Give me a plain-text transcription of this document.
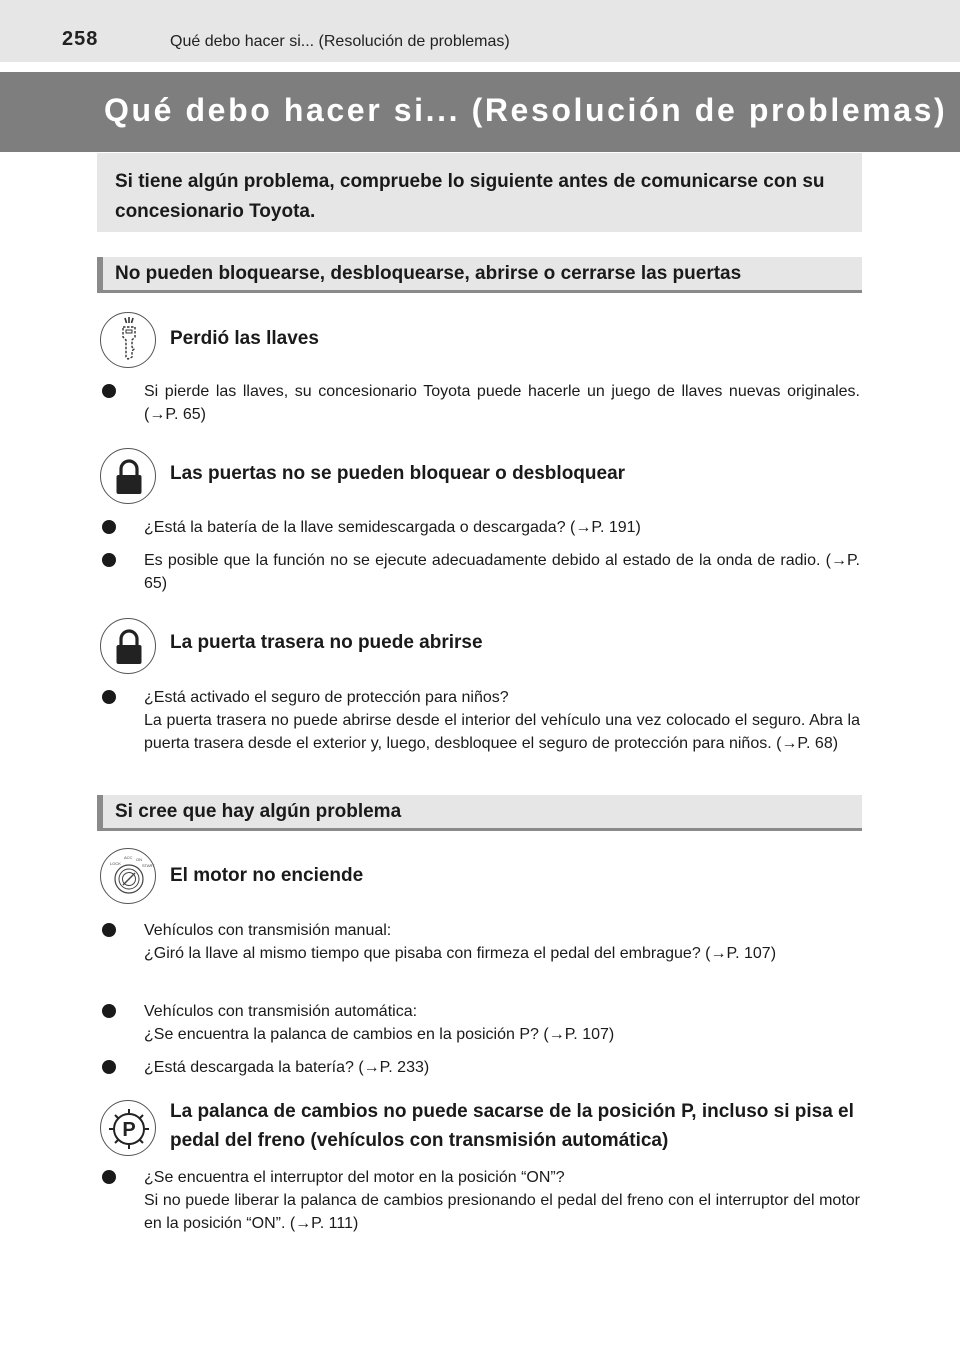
258	Qué debo hacer si... (Resolución de problemas)
Qué debo hacer si... (Resolución de problemas)
Si tiene algún problema, compruebe lo siguiente antes de comunicarse con su concesionario Toyota.
No pueden bloquearse, desbloquearse, abrirse o cerrarse las puertas
Perdió las llaves
Si pierde las llaves, su concesionario Toyota puede hacerle un juego de llaves nuevas originales. (→P. 65)
Las puertas no se pueden bloquear o desbloquear
¿Está la batería de la llave semidescargada o descargada? (→P. 191)
Es posible que la función no se ejecute adecuadamente debido al estado de la onda de radio. (→P. 65)
La puerta trasera no puede abrirse
¿Está activado el seguro de protección para niños?
La puerta trasera no puede abrirse desde el interior del vehículo una vez colocado el seguro. Abra la puerta trasera desde el exterior y, luego, desbloquee el seguro de protección para niños. (→P. 68)
Si cree que hay algún problema
LOCK
ACC ON
START El motor no enciende
Vehículos con transmisión manual:
¿Giró la llave al mismo tiempo que pisaba con firmeza el pedal del embrague? (→P. 107)
Vehículos con transmisión automática:
¿Se encuentra la palanca de cambios en la posición P? (→P. 107)
¿Está descargada la batería? (→P. 233)
P
La palanca de cambios no puede sacarse de la posición P, incluso si pisa el pedal del freno (vehículos con transmisión automática)
¿Se encuentra el interruptor del motor en la posición “ON”?
Si no puede liberar la palanca de cambios presionando el pedal del freno con el interruptor del motor en la posición “ON”. (→P. 111)
